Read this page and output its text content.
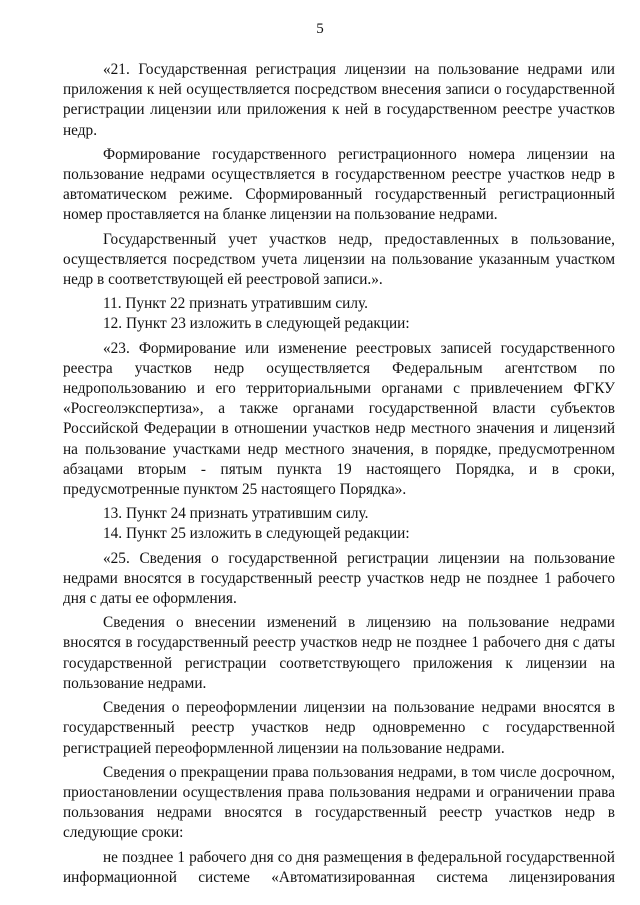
5

«21. Государственная регистрация лицензии на пользование недрами или приложения к ней осуществляется посредством внесения записи о государственной регистрации лицензии или приложения к ней в государственном реестре участков недр.

Формирование государственного регистрационного номера лицензии на пользование недрами осуществляется в государственном реестре участков недр в автоматическом режиме. Сформированный государственный регистрационный номер проставляется на бланке лицензии на пользование недрами.

Государственный учет участков недр, предоставленных в пользование, осуществляется посредством учета лицензии на пользование указанным участком недр в соответствующей ей реестровой записи.».

11. Пункт 22 признать утратившим силу.

12. Пункт 23 изложить в следующей редакции:

«23. Формирование или изменение реестровых записей государственного реестра участков недр осуществляется Федеральным агентством по недропользованию и его территориальными органами с привлечением ФГКУ «Росгеолэкспертиза», а также органами государственной власти субъектов Российской Федерации в отношении участков недр местного значения и лицензий на пользование участками недр местного значения, в порядке, предусмотренном абзацами вторым - пятым пункта 19 настоящего Порядка, и в сроки, предусмотренные пунктом 25 настоящего Порядка».

13. Пункт 24 признать утратившим силу.

14. Пункт 25 изложить в следующей редакции:

«25. Сведения о государственной регистрации лицензии на пользование недрами вносятся в государственный реестр участков недр не позднее 1 рабочего дня с даты ее оформления.

Сведения о внесении изменений в лицензию на пользование недрами вносятся в государственный реестр участков недр не позднее 1 рабочего дня с даты государственной регистрации соответствующего приложения к лицензии на пользование недрами.

Сведения о переоформлении лицензии на пользование недрами вносятся в государственный реестр участков недр одновременно с государственной регистрацией переоформленной лицензии на пользование недрами.

Сведения о прекращении права пользования недрами, в том числе досрочном, приостановлении осуществления права пользования недрами и ограничении права пользования недрами вносятся в государственный реестр участков недр в следующие сроки:

не позднее 1 рабочего дня со дня размещения в федеральной государственной информационной системе «Автоматизированная система лицензирования
